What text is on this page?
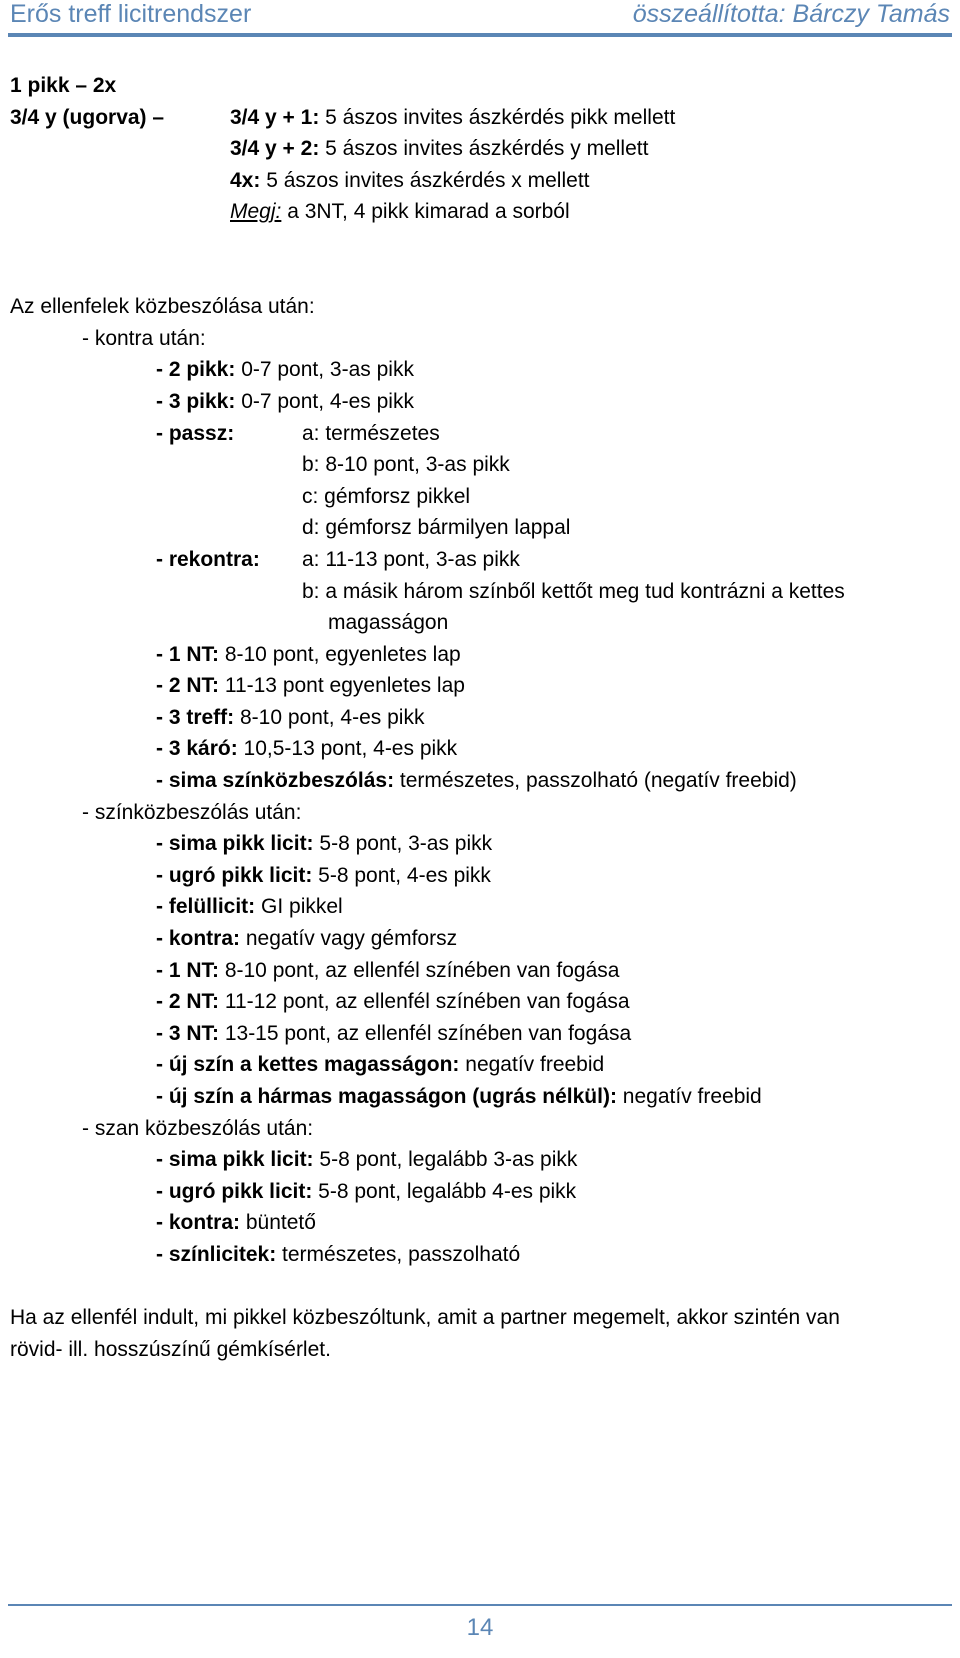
Erős treff licitrendszer	összeállította: Bárczy Tamás
1 pikk – 2x
3/4 y (ugorva) –	3/4 y + 1: 5 ászos invites ászkérdés pikk mellett
3/4 y + 2: 5 ászos invites ászkérdés y mellett
4x: 5 ászos invites ászkérdés x mellett
Megj: a 3NT, 4 pikk kimarad a sorból
Az ellenfelek közbeszólása után:
- kontra után:
- 2 pikk: 0-7 pont, 3-as pikk
- 3 pikk: 0-7 pont, 4-es pikk
- passz:	a: természetes
b: 8-10 pont, 3-as pikk
c: gémforsz pikkel
d: gémforsz bármilyen lappal
- rekontra: a: 11-13 pont, 3-as pikk
b: a másik három színből kettőt meg tud kontrázni a kettes
magasságon
- 1 NT: 8-10 pont, egyenletes lap
- 2 NT: 11-13 pont egyenletes lap
- 3 treff: 8-10 pont, 4-es pikk
- 3 káró: 10,5-13 pont, 4-es pikk
- sima színközbeszólás: természetes, passzolható (negatív freebid)
- színközbeszólás után:
- sima pikk licit: 5-8 pont, 3-as pikk
- ugró pikk licit: 5-8 pont, 4-es pikk
- felüllicit: GI pikkel
- kontra: negatív vagy gémforsz
- 1 NT: 8-10 pont, az ellenfél színében van fogása
- 2 NT: 11-12 pont, az ellenfél színében van fogása
- 3 NT: 13-15 pont, az ellenfél színében van fogása
- új szín a kettes magasságon: negatív freebid
- új szín a hármas magasságon (ugrás nélkül): negatív freebid
- szan közbeszólás után:
- sima pikk licit: 5-8 pont, legalább 3-as pikk
- ugró pikk licit: 5-8 pont, legalább 4-es pikk
- kontra: büntető
- színlicitek: természetes, passzolható
Ha az ellenfél indult, mi pikkel közbeszóltunk, amit a partner megemelt, akkor szintén van
rövid- ill. hosszúszínű gémkísérlet.
14
